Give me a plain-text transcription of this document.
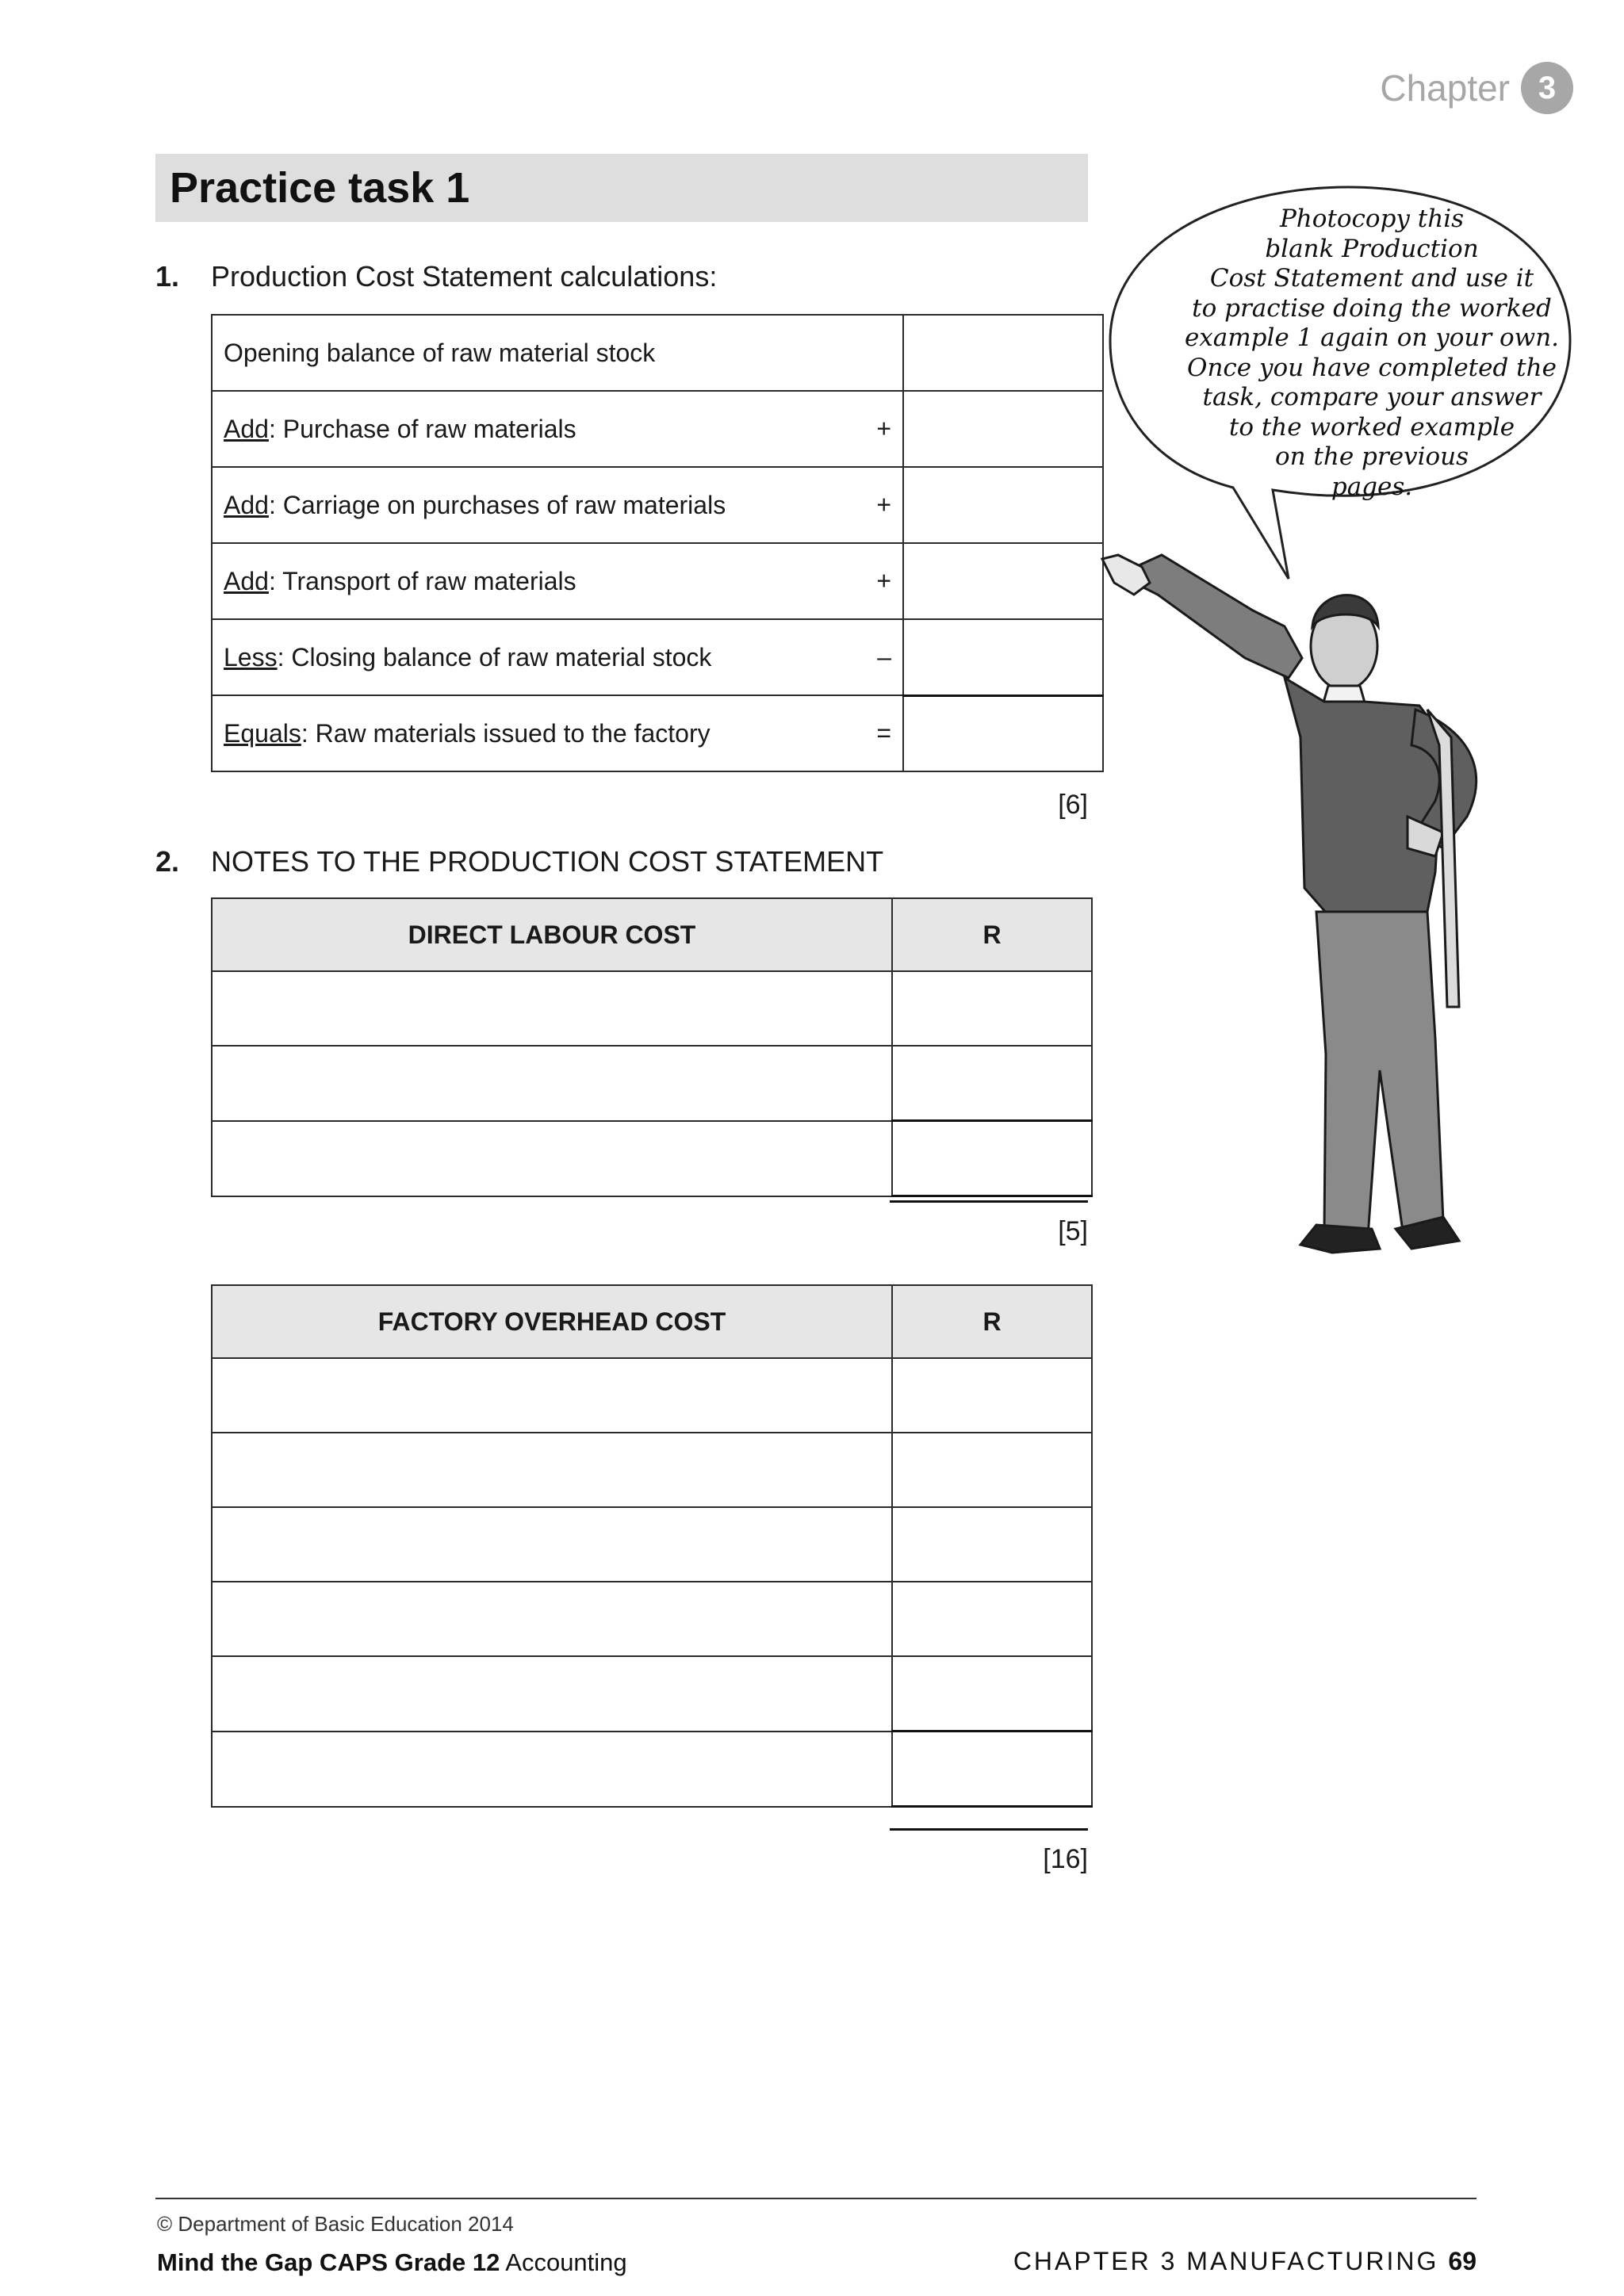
Chapter 3
Practice task 1
1. Production Cost Statement calculations:
Opening balance of raw material stock	
Add: Purchase of raw materials +	

Add: Carriage on purchases of raw materials +	

Add: Transport of raw materials +	

Less: Closing balance of raw material stock –	

Equals: Raw materials issued to the factory =	

[6]
2. NOTES TO THE PRODUCTION COST STATEMENT
DIRECT LABOUR COST	R

[5]
FACTORY OVERHEAD COST	R

[16]
Photocopy this
blank Production
Cost Statement and use it
to practise doing the worked
example 1 again on your own.
Once you have completed the
task, compare your answer
to the worked example
on the previous
pages.
© Department of Basic Education 2014
Mind the Gap CAPS Grade 12 Accounting	CHAPTER 3 MANUFACTURING 69
